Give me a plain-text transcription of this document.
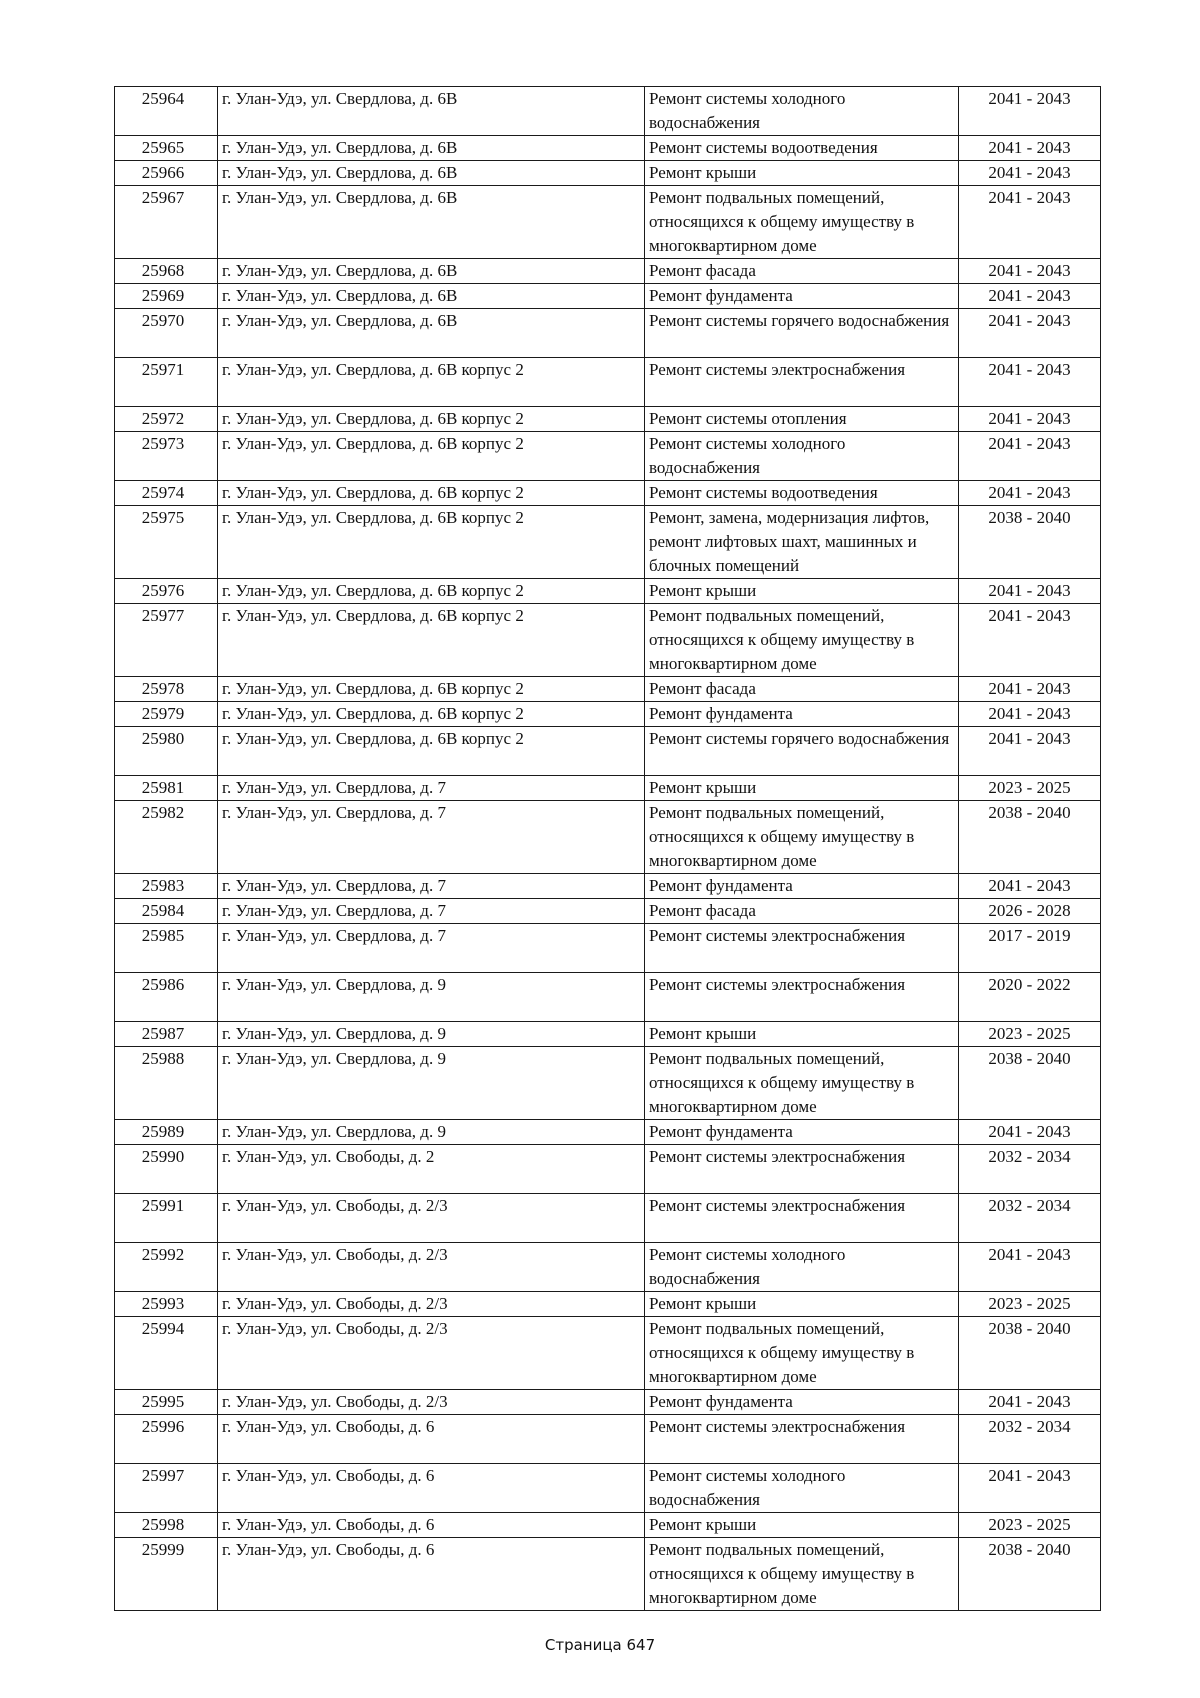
25964	г. Улан-Удэ, ул. Свердлова, д. 6В	Ремонт системы холодного водоснабжения	2041 - 2043
25965	г. Улан-Удэ, ул. Свердлова, д. 6В	Ремонт системы водоотведения	2041 - 2043
25966	г. Улан-Удэ, ул. Свердлова, д. 6В	Ремонт крыши	2041 - 2043
25967	г. Улан-Удэ, ул. Свердлова, д. 6В	Ремонт подвальных помещений, относящихся к общему имуществу в многоквартирном доме	2041 - 2043
25968	г. Улан-Удэ, ул. Свердлова, д. 6В	Ремонт фасада	2041 - 2043
25969	г. Улан-Удэ, ул. Свердлова, д. 6В	Ремонт фундамента	2041 - 2043
25970	г. Улан-Удэ, ул. Свердлова, д. 6В	Ремонт системы горячего водоснабжения	2041 - 2043
25971	г. Улан-Удэ, ул. Свердлова, д. 6В корпус 2	Ремонт системы электроснабжения	2041 - 2043
25972	г. Улан-Удэ, ул. Свердлова, д. 6В корпус 2	Ремонт системы отопления	2041 - 2043
25973	г. Улан-Удэ, ул. Свердлова, д. 6В корпус 2	Ремонт системы холодного водоснабжения	2041 - 2043
25974	г. Улан-Удэ, ул. Свердлова, д. 6В корпус 2	Ремонт системы водоотведения	2041 - 2043
25975	г. Улан-Удэ, ул. Свердлова, д. 6В корпус 2	Ремонт, замена, модернизация лифтов, ремонт лифтовых шахт, машинных и блочных помещений	2038 - 2040
25976	г. Улан-Удэ, ул. Свердлова, д. 6В корпус 2	Ремонт крыши	2041 - 2043
25977	г. Улан-Удэ, ул. Свердлова, д. 6В корпус 2	Ремонт подвальных помещений, относящихся к общему имуществу в многоквартирном доме	2041 - 2043
25978	г. Улан-Удэ, ул. Свердлова, д. 6В корпус 2	Ремонт фасада	2041 - 2043
25979	г. Улан-Удэ, ул. Свердлова, д. 6В корпус 2	Ремонт фундамента	2041 - 2043
25980	г. Улан-Удэ, ул. Свердлова, д. 6В корпус 2	Ремонт системы горячего водоснабжения	2041 - 2043
25981	г. Улан-Удэ, ул. Свердлова, д. 7	Ремонт крыши	2023 - 2025
25982	г. Улан-Удэ, ул. Свердлова, д. 7	Ремонт подвальных помещений, относящихся к общему имуществу в многоквартирном доме	2038 - 2040
25983	г. Улан-Удэ, ул. Свердлова, д. 7	Ремонт фундамента	2041 - 2043
25984	г. Улан-Удэ, ул. Свердлова, д. 7	Ремонт фасада	2026 - 2028
25985	г. Улан-Удэ, ул. Свердлова, д. 7	Ремонт системы электроснабжения	2017 - 2019
25986	г. Улан-Удэ, ул. Свердлова, д. 9	Ремонт системы электроснабжения	2020 - 2022
25987	г. Улан-Удэ, ул. Свердлова, д. 9	Ремонт крыши	2023 - 2025
25988	г. Улан-Удэ, ул. Свердлова, д. 9	Ремонт подвальных помещений, относящихся к общему имуществу в многоквартирном доме	2038 - 2040
25989	г. Улан-Удэ, ул. Свердлова, д. 9	Ремонт фундамента	2041 - 2043
25990	г. Улан-Удэ, ул. Свободы, д. 2	Ремонт системы электроснабжения	2032 - 2034
25991	г. Улан-Удэ, ул. Свободы, д. 2/3	Ремонт системы электроснабжения	2032 - 2034
25992	г. Улан-Удэ, ул. Свободы, д. 2/3	Ремонт системы холодного водоснабжения	2041 - 2043
25993	г. Улан-Удэ, ул. Свободы, д. 2/3	Ремонт крыши	2023 - 2025
25994	г. Улан-Удэ, ул. Свободы, д. 2/3	Ремонт подвальных помещений, относящихся к общему имуществу в многоквартирном доме	2038 - 2040
25995	г. Улан-Удэ, ул. Свободы, д. 2/3	Ремонт фундамента	2041 - 2043
25996	г. Улан-Удэ, ул. Свободы, д. 6	Ремонт системы электроснабжения	2032 - 2034
25997	г. Улан-Удэ, ул. Свободы, д. 6	Ремонт системы холодного водоснабжения	2041 - 2043
25998	г. Улан-Удэ, ул. Свободы, д. 6	Ремонт крыши	2023 - 2025
25999	г. Улан-Удэ, ул. Свободы, д. 6	Ремонт подвальных помещений, относящихся к общему имуществу в многоквартирном доме	2038 - 2040
Страница 647
